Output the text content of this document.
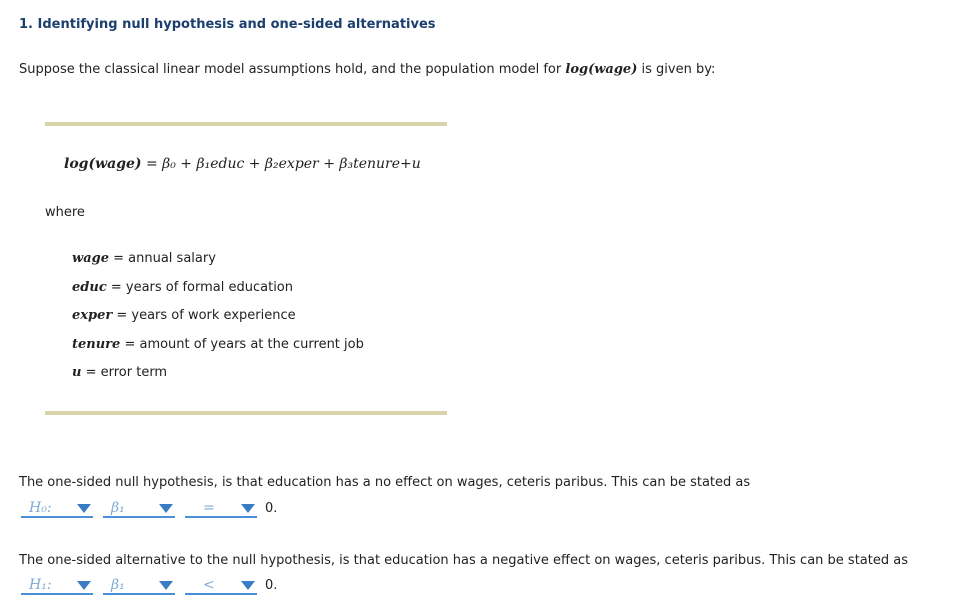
1. Identifying null hypothesis and one-sided alternatives
Suppose the classical linear model assumptions hold, and the population model for log(wage) is given by:
log(wage) = β₀ + β₁educ + β₂exper + β₃tenure+u
where
wage = annual salary
educ = years of formal education
exper = years of work experience
tenure = amount of years at the current job
u = error term
The one-sided null hypothesis, is that education has a no effect on wages, ceteris paribus. This can be stated as
H₀:	β₁	=	0.
The one-sided alternative to the null hypothesis, is that education has a negative effect on wages, ceteris paribus. This can be stated as
H₁:	β₁	<	0.
